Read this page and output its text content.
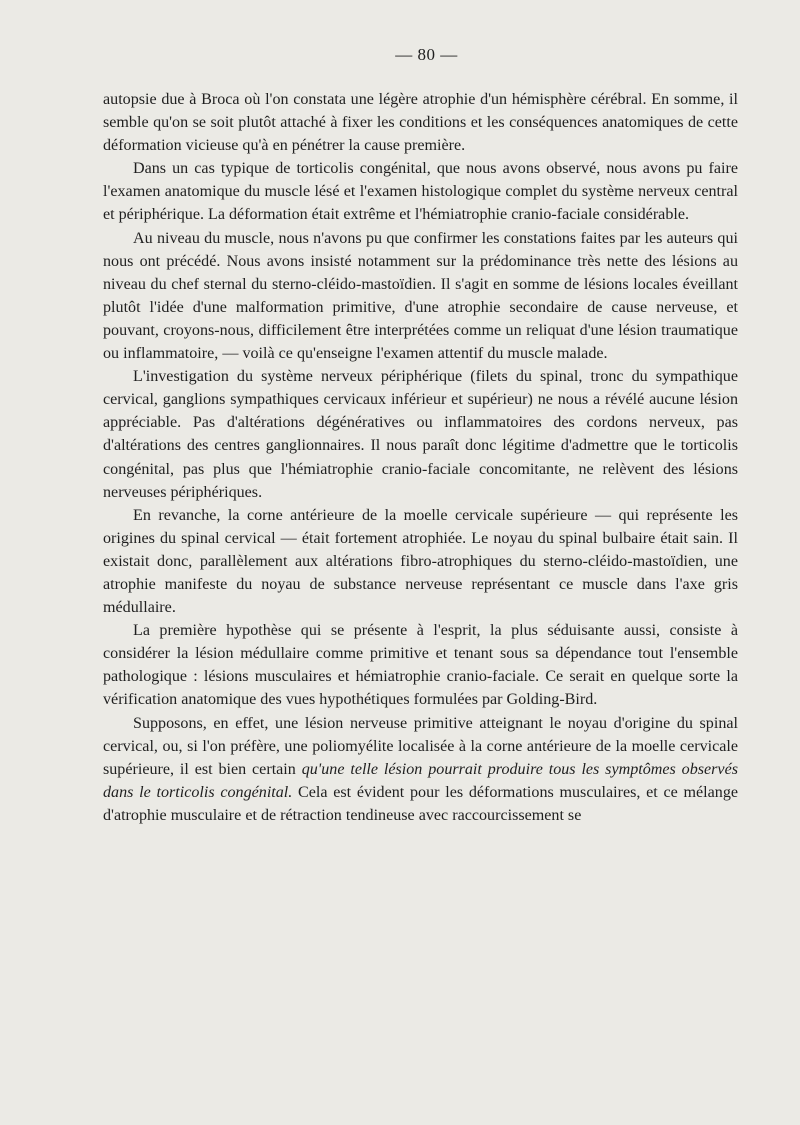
— 80 —

autopsie due à Broca où l'on constata une légère atrophie d'un hémisphère cérébral. En somme, il semble qu'on se soit plutôt attaché à fixer les conditions et les conséquences anatomiques de cette déformation vicieuse qu'à en pénétrer la cause première.

Dans un cas typique de torticolis congénital, que nous avons observé, nous avons pu faire l'examen anatomique du muscle lésé et l'examen histologique complet du système nerveux central et périphérique. La déformation était extrême et l'hémiatrophie cranio-faciale considérable.

Au niveau du muscle, nous n'avons pu que confirmer les constations faites par les auteurs qui nous ont précédé. Nous avons insisté notamment sur la prédominance très nette des lésions au niveau du chef sternal du sterno-cléido-mastoïdien. Il s'agit en somme de lésions locales éveillant plutôt l'idée d'une malformation primitive, d'une atrophie secondaire de cause nerveuse, et pouvant, croyons-nous, difficilement être interprétées comme un reliquat d'une lésion traumatique ou inflammatoire, — voilà ce qu'enseigne l'examen attentif du muscle malade.

L'investigation du système nerveux périphérique (filets du spinal, tronc du sympathique cervical, ganglions sympathiques cervicaux inférieur et supérieur) ne nous a révélé aucune lésion appréciable. Pas d'altérations dégénératives ou inflammatoires des cordons nerveux, pas d'altérations des centres ganglionnaires. Il nous paraît donc légitime d'admettre que le torticolis congénital, pas plus que l'hémiatrophie cranio-faciale concomitante, ne relèvent des lésions nerveuses périphériques.

En revanche, la corne antérieure de la moelle cervicale supérieure — qui représente les origines du spinal cervical — était fortement atrophiée. Le noyau du spinal bulbaire était sain. Il existait donc, parallèlement aux altérations fibro-atrophiques du sterno-cléido-mastoïdien, une atrophie manifeste du noyau de substance nerveuse représentant ce muscle dans l'axe gris médullaire.

La première hypothèse qui se présente à l'esprit, la plus séduisante aussi, consiste à considérer la lésion médullaire comme primitive et tenant sous sa dépendance tout l'ensemble pathologique : lésions musculaires et hémiatrophie cranio-faciale. Ce serait en quelque sorte la vérification anatomique des vues hypothétiques formulées par Golding-Bird.

Supposons, en effet, une lésion nerveuse primitive atteignant le noyau d'origine du spinal cervical, ou, si l'on préfère, une poliomyélite localisée à la corne antérieure de la moelle cervicale supérieure, il est bien certain qu'une telle lésion pourrait produire tous les symptômes observés dans le torticolis congénital. Cela est évident pour les déformations musculaires, et ce mélange d'atrophie musculaire et de rétraction tendineuse avec raccourcissement se
